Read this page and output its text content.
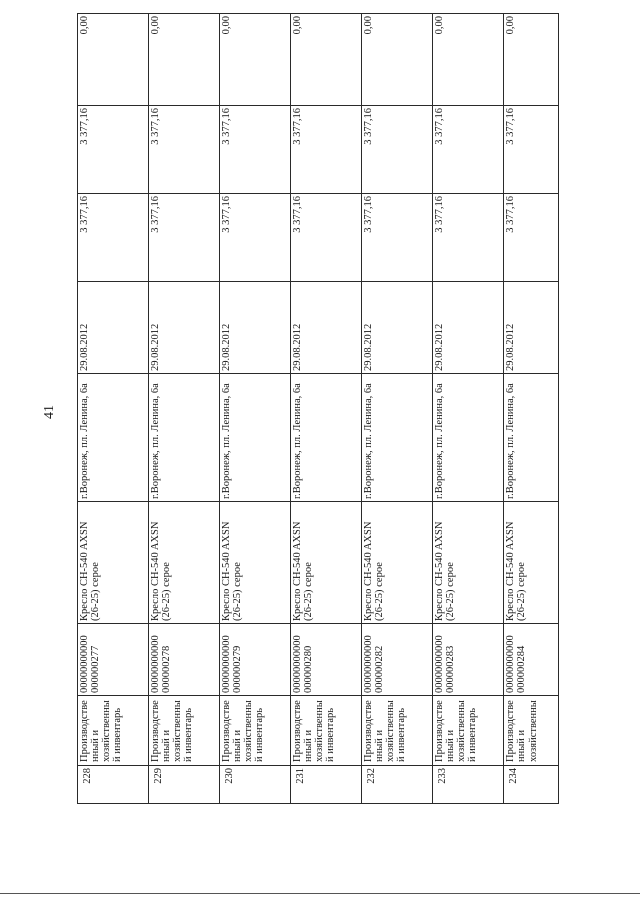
41
228	Производстве нный и хозяйственны й инвентарь	00000000000 000000277	Кресло CH-540 AXSN (26-25) серое	г.Воронеж, пл. Ленина, 6а	29.08.2012	3 377,16	3 377,16	0,00
229	Производстве нный и хозяйственны й инвентарь	00000000000 000000278	Кресло CH-540 AXSN (26-25) серое	г.Воронеж, пл. Ленина, 6а	29.08.2012	3 377,16	3 377,16	0,00
230	Производстве нный и хозяйственны й инвентарь	00000000000 000000279	Кресло CH-540 AXSN (26-25) серое	г.Воронеж, пл. Ленина, 6а	29.08.2012	3 377,16	3 377,16	0,00
231	Производстве нный и хозяйственны й инвентарь	00000000000 000000280	Кресло CH-540 AXSN (26-25) серое	г.Воронеж, пл. Ленина, 6а	29.08.2012	3 377,16	3 377,16	0,00
232	Производстве нный и хозяйственны й инвентарь	00000000000 000000282	Кресло CH-540 AXSN (26-25) серое	г.Воронеж, пл. Ленина, 6а	29.08.2012	3 377,16	3 377,16	0,00
233	Производстве нный и хозяйственны й инвентарь	00000000000 000000283	Кресло CH-540 AXSN (26-25) серое	г.Воронеж, пл. Ленина, 6а	29.08.2012	3 377,16	3 377,16	0,00
234	Производстве нный и хозяйственны	00000000000 000000284	Кресло CH-540 AXSN (26-25) серое	г.Воронеж, пл. Ленина, 6а	29.08.2012	3 377,16	3 377,16	0,00
